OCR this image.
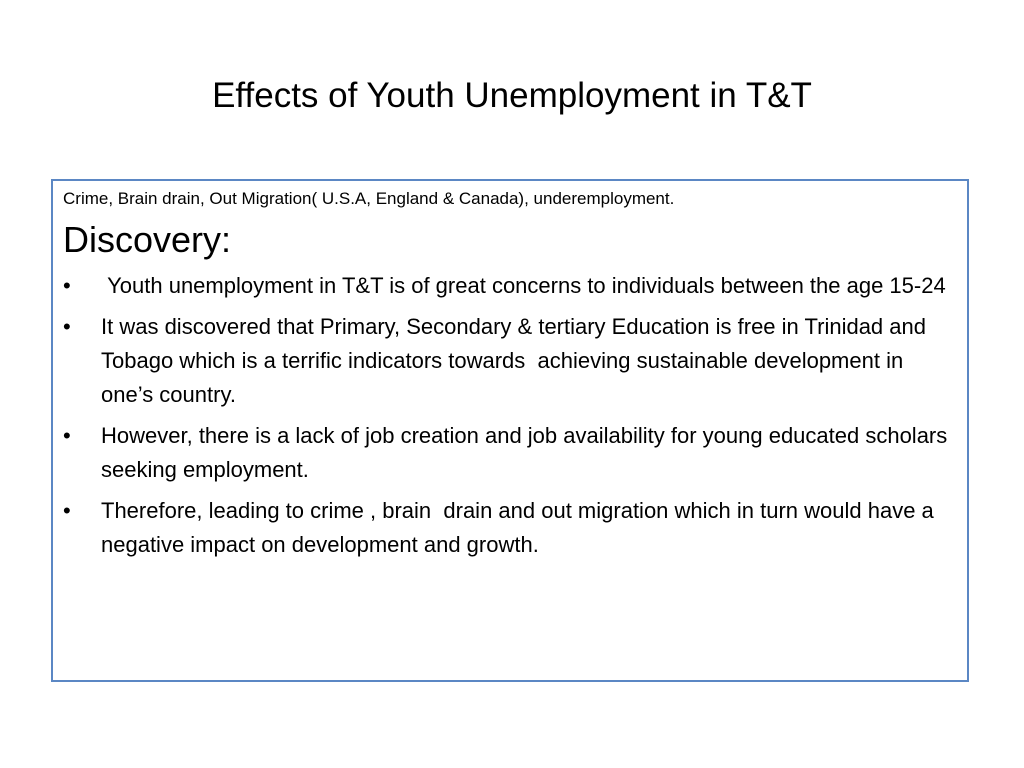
Effects of Youth Unemployment in T&T

Crime, Brain drain, Out Migration( U.S.A, England & Canada), underemployment.

Discovery:
•	Youth unemployment in T&T is of great concerns to individuals between the age 15-24
•	It was discovered that Primary, Secondary & tertiary Education is free in Trinidad and Tobago which is a terrific indicators towards  achieving sustainable development in one’s country.
•	However, there is a lack of job creation and job availability for young educated scholars seeking employment.
•	Therefore, leading to crime , brain  drain and out migration which in turn would have a negative impact on development and growth.
